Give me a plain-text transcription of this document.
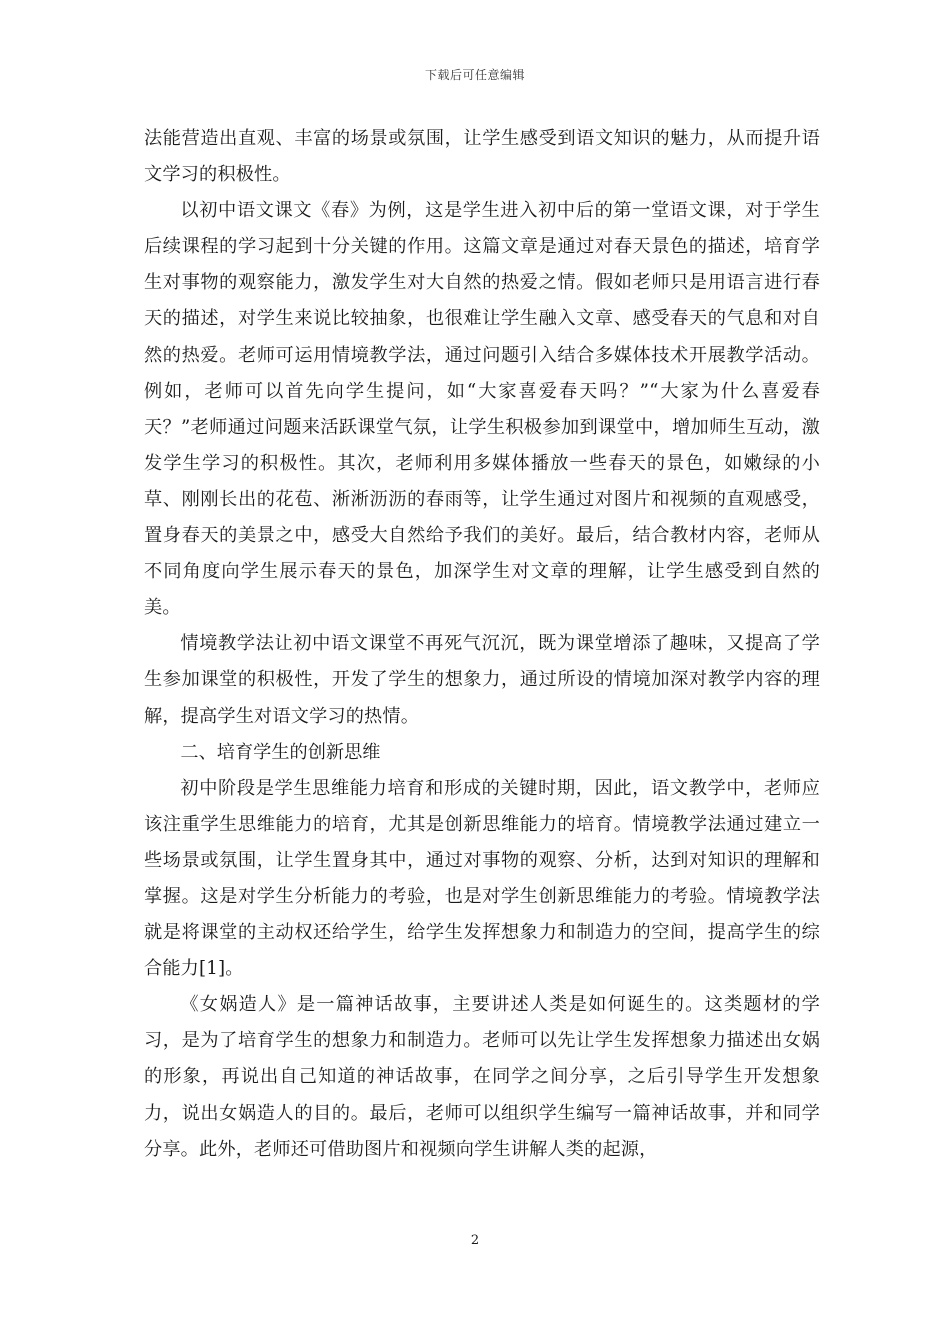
下载后可任意编辑

法能营造出直观、丰富的场景或氛围，让学生感受到语文知识的魅力，从而提升语文学习的积极性。

以初中语文课文《春》为例，这是学生进入初中后的第一堂语文课，对于学生后续课程的学习起到十分关键的作用。这篇文章是通过对春天景色的描述，培育学生对事物的观察能力，激发学生对大自然的热爱之情。假如老师只是用语言进行春天的描述，对学生来说比较抽象，也很难让学生融入文章、感受春天的气息和对自然的热爱。老师可运用情境教学法，通过问题引入结合多媒体技术开展教学活动。例如，老师可以首先向学生提问，如“大家喜爱春天吗？”“大家为什么喜爱春天？”老师通过问题来活跃课堂气氛，让学生积极参加到课堂中，增加师生互动，激发学生学习的积极性。其次，老师利用多媒体播放一些春天的景色，如嫩绿的小草、刚刚长出的花苞、淅淅沥沥的春雨等，让学生通过对图片和视频的直观感受，置身春天的美景之中，感受大自然给予我们的美好。最后，结合教材内容，老师从不同角度向学生展示春天的景色，加深学生对文章的理解，让学生感受到自然的美。

情境教学法让初中语文课堂不再死气沉沉，既为课堂增添了趣味，又提高了学生参加课堂的积极性，开发了学生的想象力，通过所设的情境加深对教学内容的理解，提高学生对语文学习的热情。

二、培育学生的创新思维

初中阶段是学生思维能力培育和形成的关键时期，因此，语文教学中，老师应该注重学生思维能力的培育，尤其是创新思维能力的培育。情境教学法通过建立一些场景或氛围，让学生置身其中，通过对事物的观察、分析，达到对知识的理解和掌握。这是对学生分析能力的考验，也是对学生创新思维能力的考验。情境教学法就是将课堂的主动权还给学生，给学生发挥想象力和制造力的空间，提高学生的综合能力[1]。

《女娲造人》是一篇神话故事，主要讲述人类是如何诞生的。这类题材的学习，是为了培育学生的想象力和制造力。老师可以先让学生发挥想象力描述出女娲的形象，再说出自己知道的神话故事，在同学之间分享，之后引导学生开发想象力，说出女娲造人的目的。最后，老师可以组织学生编写一篇神话故事，并和同学分享。此外，老师还可借助图片和视频向学生讲解人类的起源，

2
